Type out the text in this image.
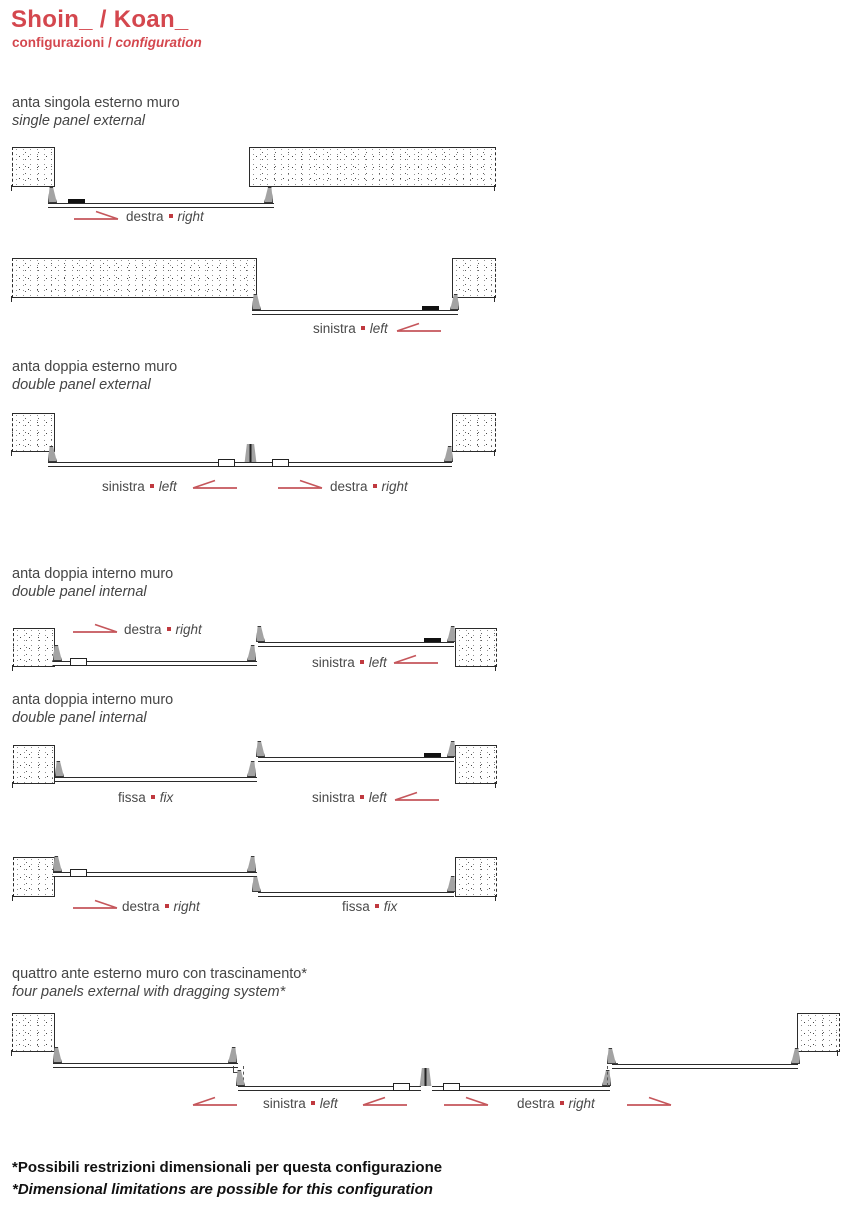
Shoin_ / Koan_
configurazioni / configuration
anta singola esterno muro
single panel external
destra right
sinistra left
anta doppia esterno muro
double panel external
sinistra left	destra right
anta doppia interno muro
double panel internal
destra right
sinistra left
anta doppia interno muro
double panel internal
fissa fix	sinistra left
destra right	fissa fix
quattro ante esterno muro con trascinamento*
four panels external with dragging system*
sinistra left	destra right
*Possibili restrizioni dimensionali per questa configurazione
*Dimensional limitations are possible for this configuration
